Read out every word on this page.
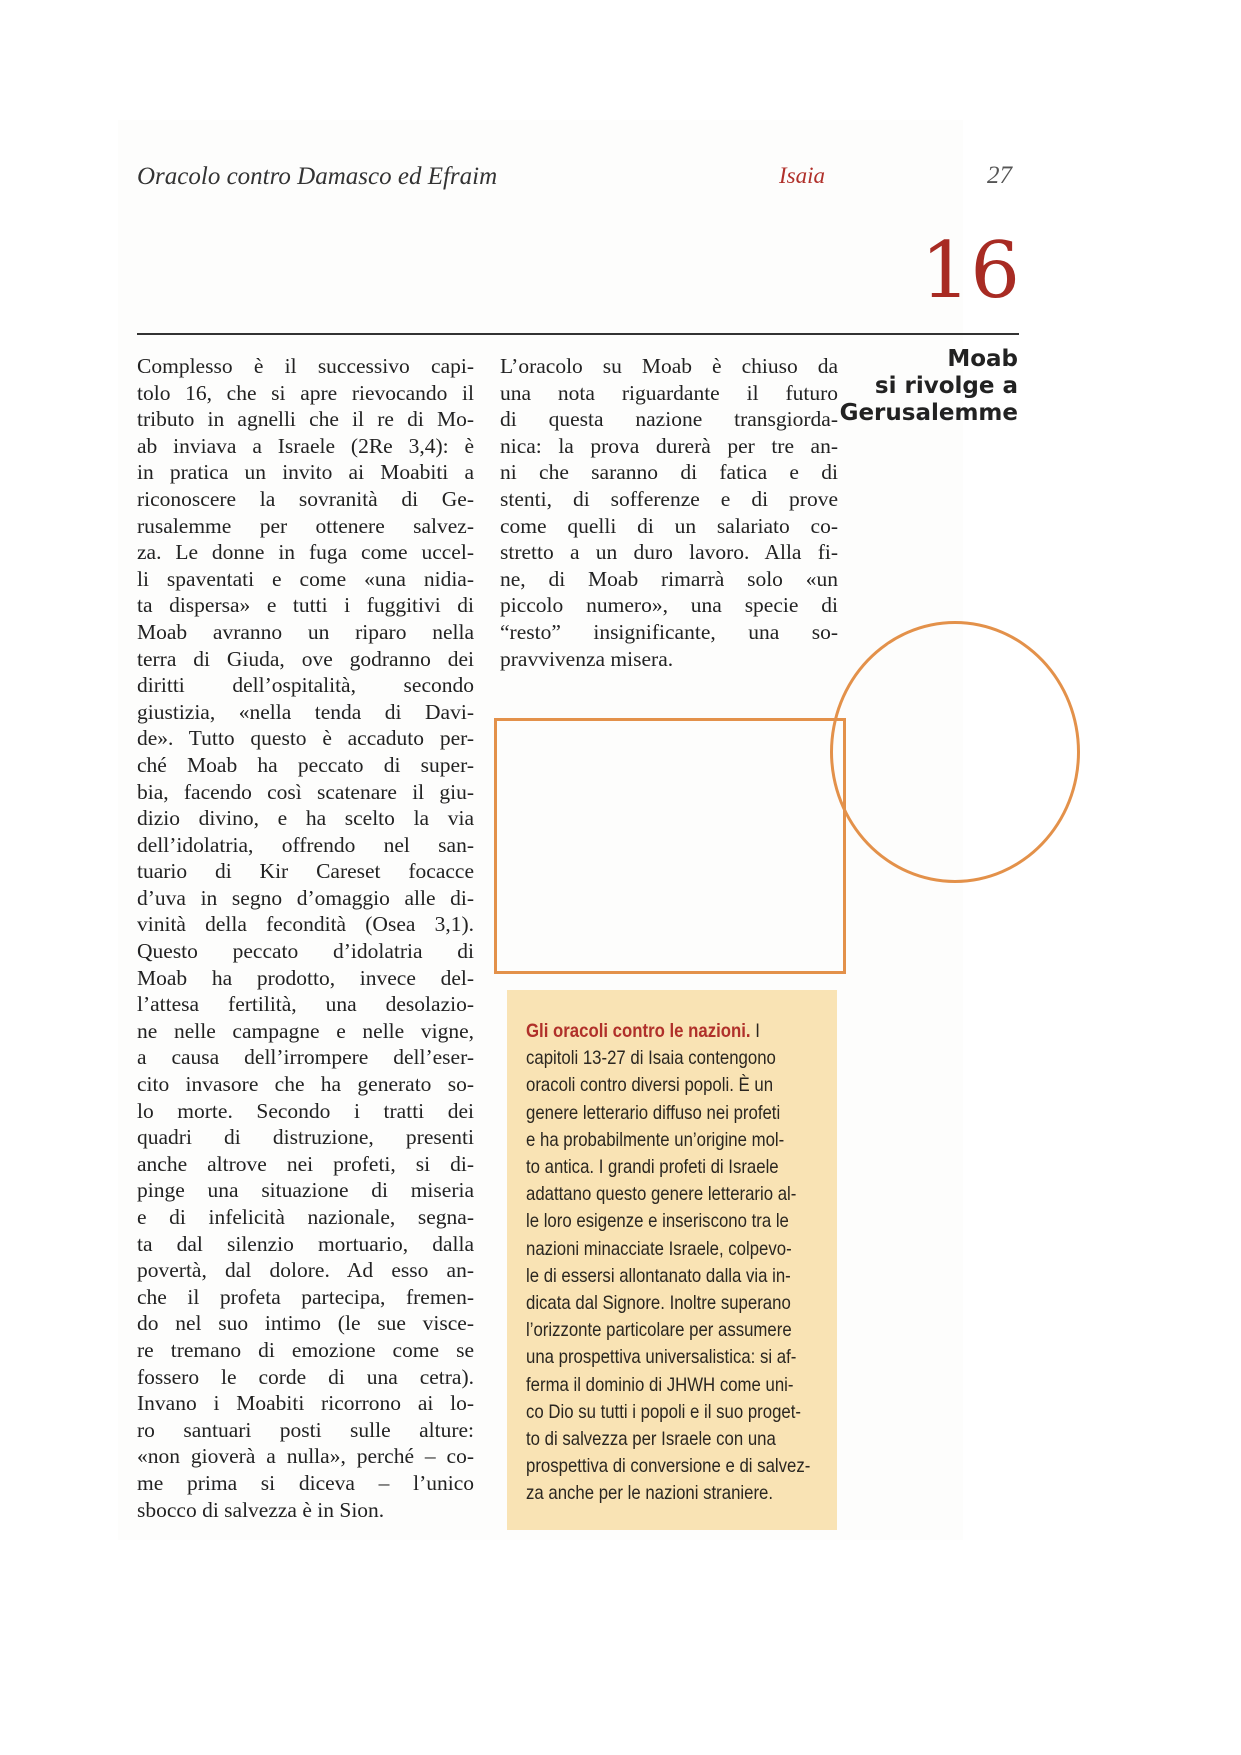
Oracolo contro Damasco ed Efraim	Isaia	27
16
Moab
si rivolge a
Gerusalemme
Complesso è il successivo capi-
tolo 16, che si apre rievocando il
tributo in agnelli che il re di Mo-
ab inviava a Israele (2Re 3,4): è
in pratica un invito ai Moabiti a
riconoscere la sovranità di Ge-
rusalemme per ottenere salvez-
za. Le donne in fuga come uccel-
li spaventati e come «una nidia-
ta dispersa» e tutti i fuggitivi di
Moab avranno un riparo nella
terra di Giuda, ove godranno dei
diritti dell’ospitalità, secondo
giustizia, «nella tenda di Davi-
de». Tutto questo è accaduto per-
ché Moab ha peccato di super-
bia, facendo così scatenare il giu-
dizio divino, e ha scelto la via
dell’idolatria, offrendo nel san-
tuario di Kir Careset focacce
d’uva in segno d’omaggio alle di-
vinità della fecondità (Osea 3,1).
Questo peccato d’idolatria di
Moab ha prodotto, invece del-
l’attesa fertilità, una desolazio-
ne nelle campagne e nelle vigne,
a causa dell’irrompere dell’eser-
cito invasore che ha generato so-
lo morte. Secondo i tratti dei
quadri di distruzione, presenti
anche altrove nei profeti, si di-
pinge una situazione di miseria
e di infelicità nazionale, segna-
ta dal silenzio mortuario, dalla
povertà, dal dolore. Ad esso an-
che il profeta partecipa, fremen-
do nel suo intimo (le sue visce-
re tremano di emozione come se
fossero le corde di una cetra).
Invano i Moabiti ricorrono ai lo-
ro santuari posti sulle alture:
«non gioverà a nulla», perché – co-
me prima si diceva – l’unico
sbocco di salvezza è in Sion.
L’oracolo su Moab è chiuso da
una nota riguardante il futuro
di questa nazione transgiorda-
nica: la prova durerà per tre an-
ni che saranno di fatica e di
stenti, di sofferenze e di prove
come quelli di un salariato co-
stretto a un duro lavoro. Alla fi-
ne, di Moab rimarrà solo «un
piccolo numero», una specie di
“resto” insignificante, una so-
pravvivenza misera.
Gli oracoli contro le nazioni. I
capitoli 13-27 di Isaia contengono
oracoli contro diversi popoli. È un
genere letterario diffuso nei profeti
e ha probabilmente un’origine mol-
to antica. I grandi profeti di Israele
adattano questo genere letterario al-
le loro esigenze e inseriscono tra le
nazioni minacciate Israele, colpevo-
le di essersi allontanato dalla via in-
dicata dal Signore. Inoltre superano
l’orizzonte particolare per assumere
una prospettiva universalistica: si af-
ferma il dominio di JHWH come uni-
co Dio su tutti i popoli e il suo proget-
to di salvezza per Israele con una
prospettiva di conversione e di salvez-
za anche per le nazioni straniere.
